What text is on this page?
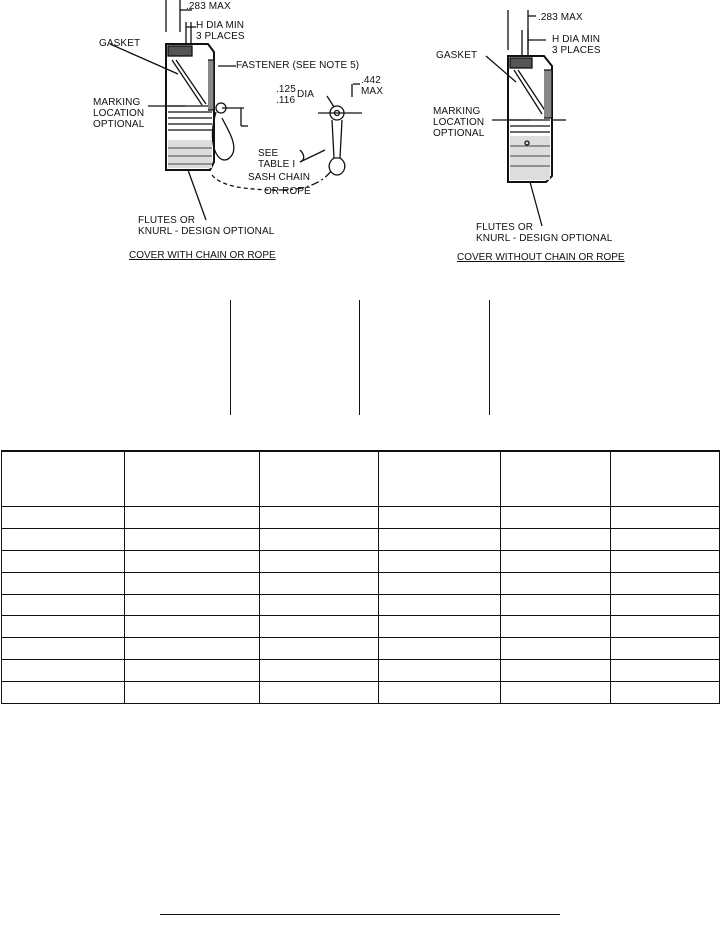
.283 MAX
H DIA MIN
3 PLACES
GASKET
FASTENER (SEE NOTE 5)
.125
.116
DIA
.442
MAX
MARKING
LOCATION
OPTIONAL
SEE
TABLE I
SASH CHAIN
OR ROPE
FLUTES OR
KNURL - DESIGN OPTIONAL
COVER WITH CHAIN OR ROPE
.283 MAX
H DIA MIN
3 PLACES
GASKET
MARKING
LOCATION
OPTIONAL
FLUTES OR
KNURL - DESIGN OPTIONAL
COVER WITHOUT CHAIN OR ROPE
